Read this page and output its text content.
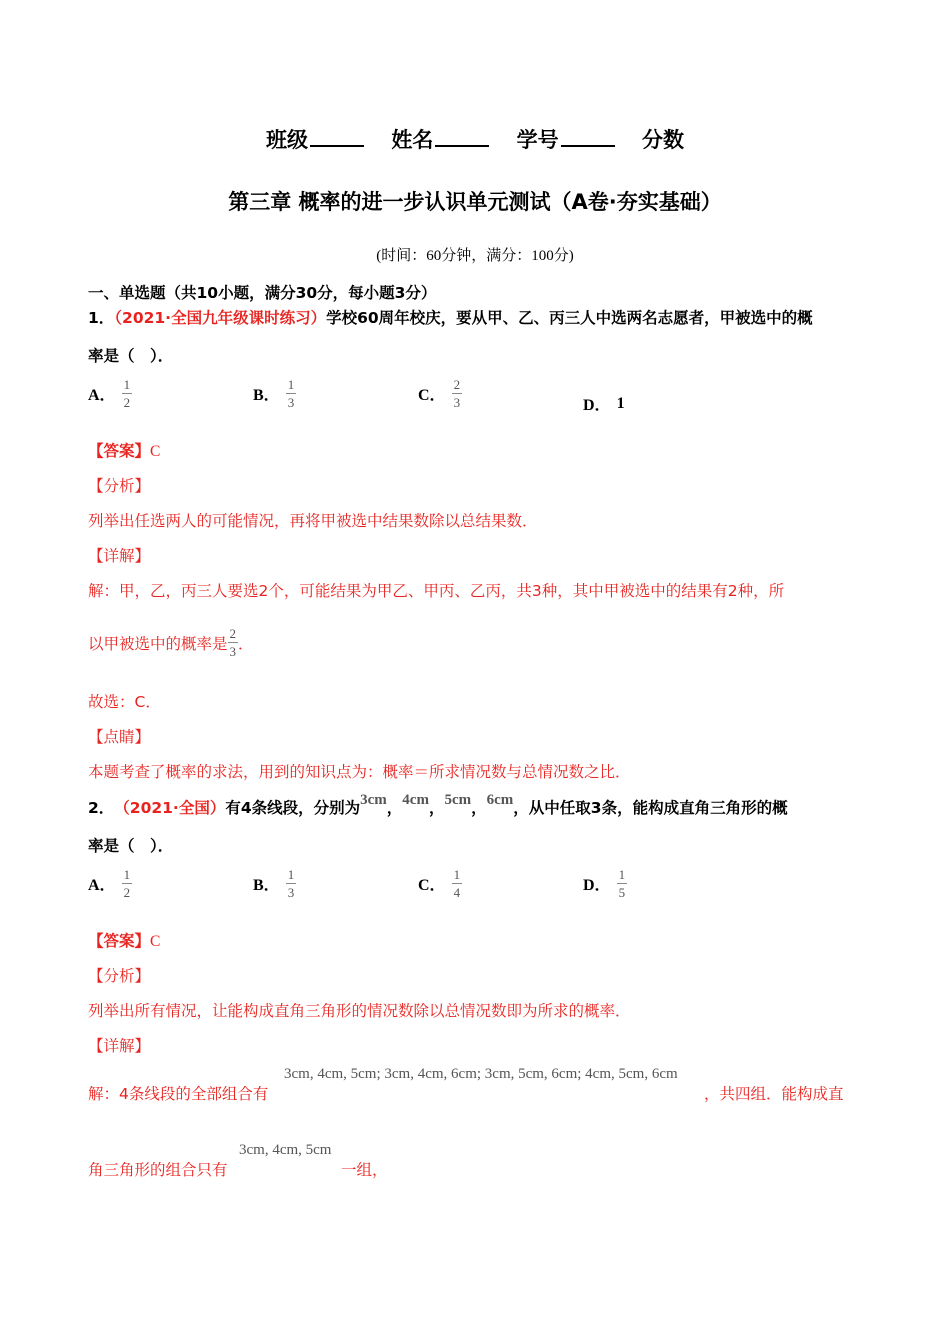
班级	姓名	学号	分数
第三章 概率的进一步认识单元测试（A卷·夯实基础）
(时间：60分钟，满分：100分)
一、单选题（共10小题，满分30分，每小题3分）
1．（2021·全国九年级课时练习）学校60周年校庆，要从甲、乙、丙三人中选两名志愿者，甲被选中的概
率是（　）．
A． $\frac{1}{2}$	B． $\frac{1}{3}$	C． $\frac{2}{3}$	D． 1
【答案】C
【分析】
列举出任选两人的可能情况，再将甲被选中结果数除以总结果数．
【详解】
解：甲，乙，丙三人要选2个，可能结果为甲乙、甲丙、乙丙，共3种，其中甲被选中的结果有2种，所
以甲被选中的概率是 $\frac{2}{3}$ ．
故选：C．
【点睛】
本题考查了概率的求法，用到的知识点为：概率＝所求情况数与总情况数之比．
2． （2021·全国） 有4条线段，分别为 3cm ， 4cm ， 5cm ， 6cm ，从中任取3条，能构成直角三角形的概
率是（　）．
A． $\frac{1}{2}$	B． $\frac{1}{3}$	C． $\frac{1}{4}$	D． $\frac{1}{5}$
【答案】C
【分析】
列举出所有情况，让能构成直角三角形的情况数除以总情况数即为所求的概率．
【详解】
解：4条线段的全部组合有
3cm, 4cm, 5cm; 3cm, 4cm, 6cm; 3cm, 5cm, 6cm; 4cm, 5cm, 6cm
，共四组．能构成直
角三角形的组合只有
3cm, 4cm, 5cm
一组，
